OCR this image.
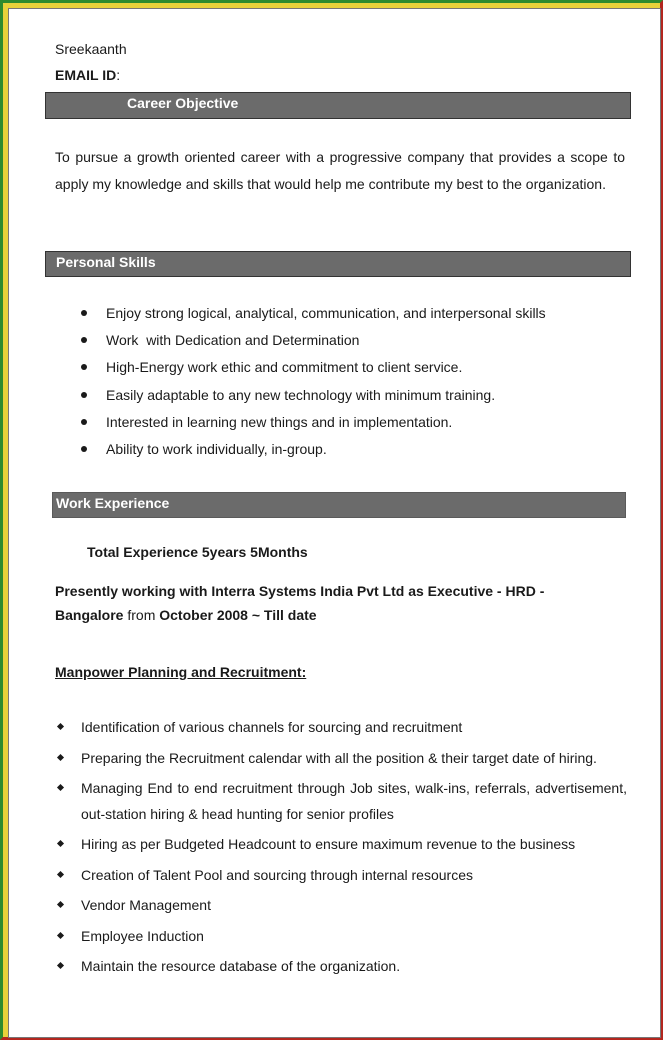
Sreekaanth
EMAIL ID:
Career Objective
To pursue a growth oriented career with a progressive company that provides a scope to apply my knowledge and skills that would help me contribute my best to the organization.
Personal Skills
Enjoy strong logical, analytical, communication, and interpersonal skills
Work  with Dedication and Determination
High-Energy work ethic and commitment to client service.
Easily adaptable to any new technology with minimum training.
Interested in learning new things and in implementation.
Ability to work individually, in-group.
Work Experience
Total Experience 5years 5Months
Presently working with Interra Systems India Pvt Ltd as Executive - HRD - Bangalore from October 2008 ~ Till date
Manpower Planning and Recruitment:
Identification of various channels for sourcing and recruitment
Preparing the Recruitment calendar with all the position & their target date of hiring.
Managing End to end recruitment through Job sites, walk-ins, referrals, advertisement, out-station hiring & head hunting for senior profiles
Hiring as per Budgeted Headcount to ensure maximum revenue to the business
Creation of Talent Pool and sourcing through internal resources
Vendor Management
Employee Induction
Maintain the resource database of the organization.
